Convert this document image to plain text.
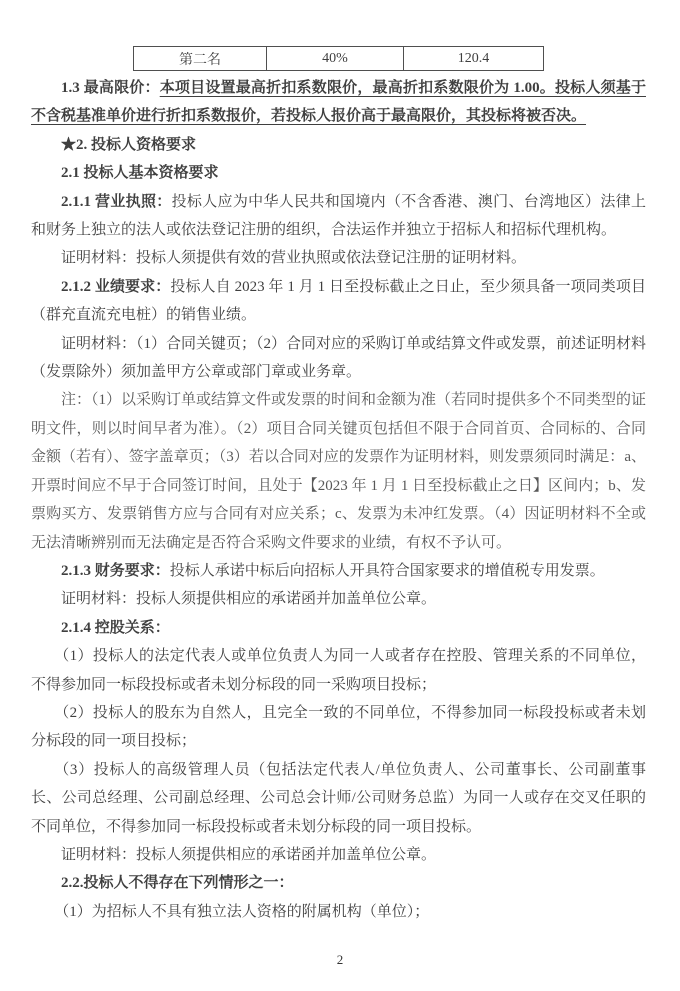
第二名	40%	120.4

1.3 最高限价：本项目设置最高折扣系数限价，最高折扣系数限价为 1.00。投标人须基于不含税基准单价进行折扣系数报价，若投标人报价高于最高限价，其投标将被否决。

★2. 投标人资格要求

2.1 投标人基本资格要求

2.1.1 营业执照：投标人应为中华人民共和国境内（不含香港、澳门、台湾地区）法律上和财务上独立的法人或依法登记注册的组织，合法运作并独立于招标人和招标代理机构。

证明材料：投标人须提供有效的营业执照或依法登记注册的证明材料。

2.1.2 业绩要求：投标人自 2023 年 1 月 1 日至投标截止之日止，至少须具备一项同类项目（群充直流充电桩）的销售业绩。

证明材料：（1）合同关键页；（2）合同对应的采购订单或结算文件或发票，前述证明材料（发票除外）须加盖甲方公章或部门章或业务章。

注：（1）以采购订单或结算文件或发票的时间和金额为准（若同时提供多个不同类型的证明文件，则以时间早者为准）。（2）项目合同关键页包括但不限于合同首页、合同标的、合同金额（若有）、签字盖章页；（3）若以合同对应的发票作为证明材料，则发票须同时满足：a、开票时间应不早于合同签订时间，且处于【2023 年 1 月 1 日至投标截止之日】区间内；b、发票购买方、发票销售方应与合同有对应关系；c、发票为未冲红发票。（4）因证明材料不全或无法清晰辨别而无法确定是否符合采购文件要求的业绩，有权不予认可。

2.1.3 财务要求：投标人承诺中标后向招标人开具符合国家要求的增值税专用发票。

证明材料：投标人须提供相应的承诺函并加盖单位公章。

2.1.4 控股关系：

（1）投标人的法定代表人或单位负责人为同一人或者存在控股、管理关系的不同单位，不得参加同一标段投标或者未划分标段的同一采购项目投标；

（2）投标人的股东为自然人，且完全一致的不同单位，不得参加同一标段投标或者未划分标段的同一项目投标；

（3）投标人的高级管理人员（包括法定代表人/单位负责人、公司董事长、公司副董事长、公司总经理、公司副总经理、公司总会计师/公司财务总监）为同一人或存在交叉任职的不同单位，不得参加同一标段投标或者未划分标段的同一项目投标。

证明材料：投标人须提供相应的承诺函并加盖单位公章。

2.2.投标人不得存在下列情形之一：

（1）为招标人不具有独立法人资格的附属机构（单位）；

2
